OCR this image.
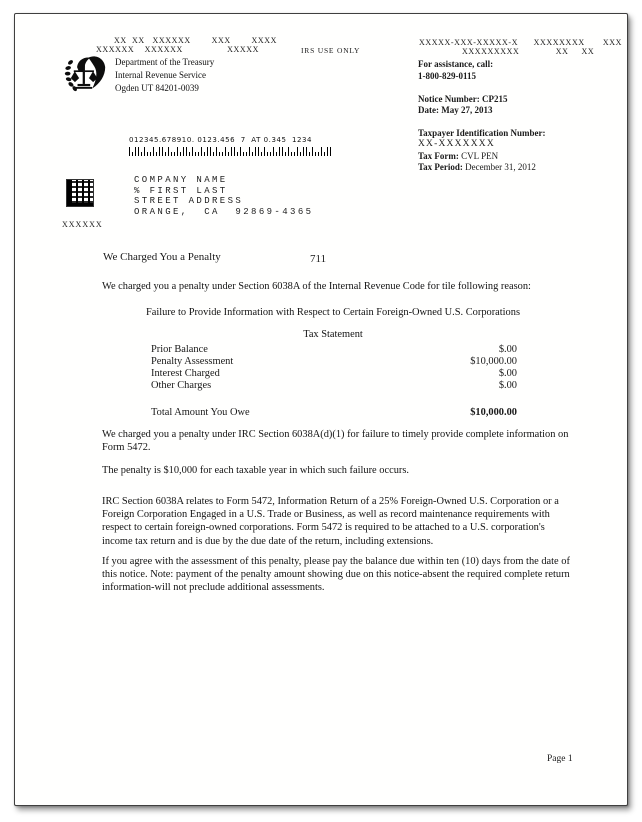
XX  XX   XXXXXX        XXX        XXXX
XXXXXX    XXXXXX                 XXXXX	IRS USE ONLY
Department of the Treasury
Internal Revenue Service
Ogden UT 84201-0039
XXXXX-XXX-XXXXX-X      XXXXXXXX       XXX
XXXXXXXXX              XX     XX
For assistance, call:
1-800-829-0115
Notice Number: CP215
Date: May 27, 2013
Taxpayer Identification Number:
XX-XXXXXXX
Tax Form: CVL PEN
Tax Period: December 31, 2012
012345.678910. 0123.456  7  AT 0.345  1234
COMPANY NAME
% FIRST LAST
STREET ADDRESS
ORANGE,  CA  92869-4365
XXXXXX
We Charged You a Penalty	711
We charged you a penalty under Section 6038A of the Internal Revenue Code for tile following reason:
Failure to Provide Information with Respect to Certain Foreign-Owned U.S. Corporations
Tax Statement
Prior Balance	$.00
Penalty Assessment	$10,000.00
Interest Charged	$.00
Other Charges	$.00
Total Amount You Owe	$10,000.00
We charged you a penalty under IRC Section 6038A(d)(1) for failure to timely provide complete information on Form 5472.
The penalty is $10,000 for each taxable year in which such failure occurs.
IRC Section 6038A relates to Form 5472, Information Return of a 25% Foreign-Owned U.S. Corporation or a Foreign Corporation Engaged in a U.S. Trade or Business, as well as record maintenance requirements with respect to certain foreign-owned corporations. Form 5472 is required to be attached to a U.S. corporation's income tax return and is due by the due date of the return, including extensions.
If you agree with the assessment of this penalty, please pay the balance due within ten (10) days from the date of this notice. Note: payment of the penalty amount showing due on this notice-absent the required complete return information-will not preclude additional assessments.
Page 1
